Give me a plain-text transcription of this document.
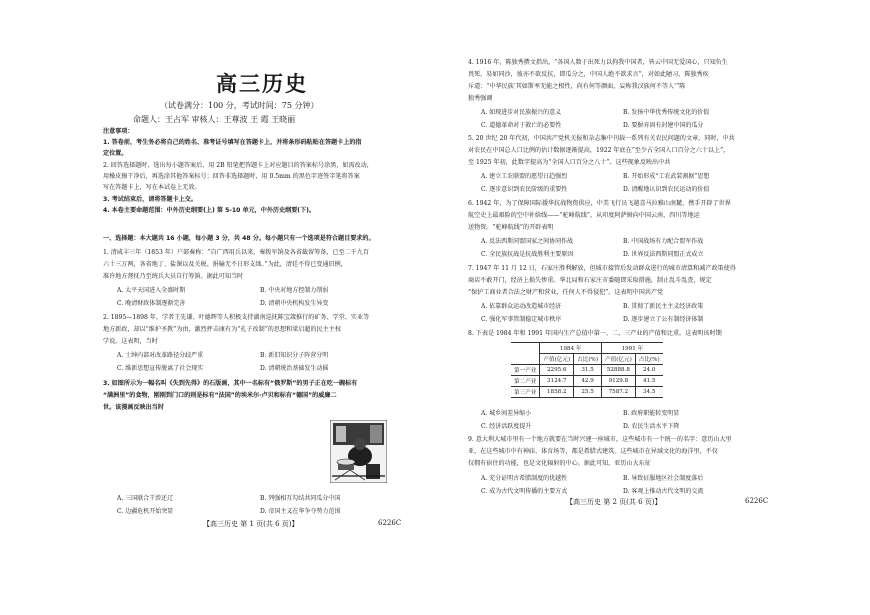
高三历史
（试卷满分：100 分，考试时间：75 分钟）
命题人：王占军 审核人：王尊波 王 霞 王晓丽
注意事项：
1. 答卷前，考生务必将自己的姓名、准考证号填写在答题卡上，并将条形码粘贴在答题卡上的指
定位置。
2. 回答选择题时，选出每小题答案后，用 2B 铅笔把答题卡上对应题目的答案标号涂黑，如需改动，
用橡皮擦干净后，再选涂其他答案标号；回答非选择题时，用 0.5mm 的黑色字迹签字笔将答案
写在答题卡上，写在本试卷上无效。
3. 考试结束后，请将答题卡上交。
4. 本卷主要命题范围：中外历史纲要(上) 第 5-10 单元，中外历史纲要(下)。
一、选择题：本大题共 16 小题，每小题 3 分，共 48 分。每小题只有一个选项是符合题目要求的。
1. 清咸丰三年（1853 年）户部奏称：“自广西用兵以来，奏拨军饷及各省截留筹备，已至二千九百
六十三万两，各省地丁、盐课以及关税、捐输无不日形支绌。”为此，清廷不得已变通旧例，
准许地方督抚乃至统兵大员自行筹饷。据此可知当时
A. 太平天国进入全盛时期	B. 中央对地方控制力削弱
C. 晚清财政体制逐渐完善	D. 清朝中央机构发生异变
2. 1895—1898 年，学者王先谦、叶德辉等人积极支持湖南巡抚陈宝箴推行的矿务、学堂、实业等
地方新政，却以“维护圣教”为由，激烈抨击康有为“孔子改制”的思想和梁启超的民主主权
学说。这表明，当时
A. 士绅内部对改革路径分歧严重	B. 新旧知识分子阵营分明
C. 维新思想宣传脱离了社会现实	D. 清朝统治基础发生动摇
3. 如图所示为一幅名叫《失到先得》的石版画，其中一名标有“俄罗斯”的男子正在吃一碗标有
“满洲里”的食物，刚刚到门口的则是标有“法国”的埃米尔·卢贝和标有“德国”的威廉二
世。该漫画反映出当时
A. 三国联合干涉还辽	B. 列强相互勾结共同瓜分中国
C. 边疆危机开始突显	D. 帝国主义在华争夺势力范围
【高三历史 第 1 页(共 6 页)】	6226C
4. 1916 年，陈独秀撰文指出，“各国人数于出死力以拘我中国者，皆云中国无爱国心，只知负生
畏死，易如同沙，彼亦不欲反抗，即瓜分之，中国人绝不欲求言”，对如此陋习，陈独秀疾
斥道：“中华民族‘其如斯率无能之根性，尚有何等颜面，妄称我汉族何不等人’”陈
独秀强调
A. 如现进步对民族振兴的意义	B. 发扬中华优秀传统文化的价值
C. 道德革命对于救亡的必要性	D. 要摒弃固有封建中国的瓜分
5. 20 世纪 20 年代初，中国共产党机关报和杂志集中刊载一系列有关农民问题的文章，同时，中共
对农民在中国总人口比例的估计数据逐渐提高，1922 年底在“至少占全国人口百分之六十以上”，
至 1925 年初，此数字提高为“全国人口百分之八十”。这些现象反映出中共
A. 建立工农联盟的愿望日趋强烈	B. 开始形成“工农武装割据”思想
C. 逐步意识到农民阶级的重要性	D. 清醒地认识到农民运动的价值
6. 1942 年，为了保障国际援华抗战物资供应，中美飞行员飞越喜马拉雅山南麓，携手开辟了世界
航空史上最艰险的空中补给线——“驼峰航线”，从印度阿萨姆向中国云南、四川等地运
送物资。“驼峰航线”的开辟表明
A. 反法西斯同盟国家之间协同作战	B. 中国战场有力配合盟军作战
C. 全民族抗战是抗战胜利主要原因	D. 世界反法西斯同盟正式成立
7. 1947 年 11 月 12 日，石家庄胜利解放，但城市接管后发动群众进行的城市清算和减产政策使得
商店不敢开门，经济上损失惨重。华北局和石家庄市委随即采取措施，制止乱斗乱查，规定
“保护工商业者合法之财产和营业，任何人不得侵犯”。这表明中国共产党
A. 依靠群众运动改造城市经济	B. 贯彻了新民主主义经济政策
C. 强化军事管制稳定城市秩序	D. 逐步建立了公有制经济体制
8. 下表是 1984 年和 1991 年国内生产总值中第一、二、三产业的产值和比重。这表明该时期
	1984 年		1991 年	
	产值(亿元)	占比(%)	产值(亿元)	占比(%)
第一产业	2295.6	31.5	52888.8	24.0
第二产业	3124.7	42.9	9129.8	41.5
第三产业	1858.2	25.5	7587.2	34.5
A. 城乡间差异缩小	B. 政府职能转变明显
C. 经济活跃度提升	D. 农民生活水平下降
9. 意大利大城市里有一个地方就要在当时兴建一座城市，这些城市有一个统一的名字：意历山大里
亚，在这些城市中有神庙、体育场等，都是希腊式建筑。这些城市在异域文化的海洋里，不仅
仅拥有宿住的功能，也是文化辐射的中心。据此可知，亚历山大东征
A. 充分证明古希腊制度的优越性	B. 导致征服地区社会制度落后
C. 成为古代文明传播的主要方式	D. 客观上推动古代文明的交流
【高三历史 第 2 页(共 6 页)】	6226C
